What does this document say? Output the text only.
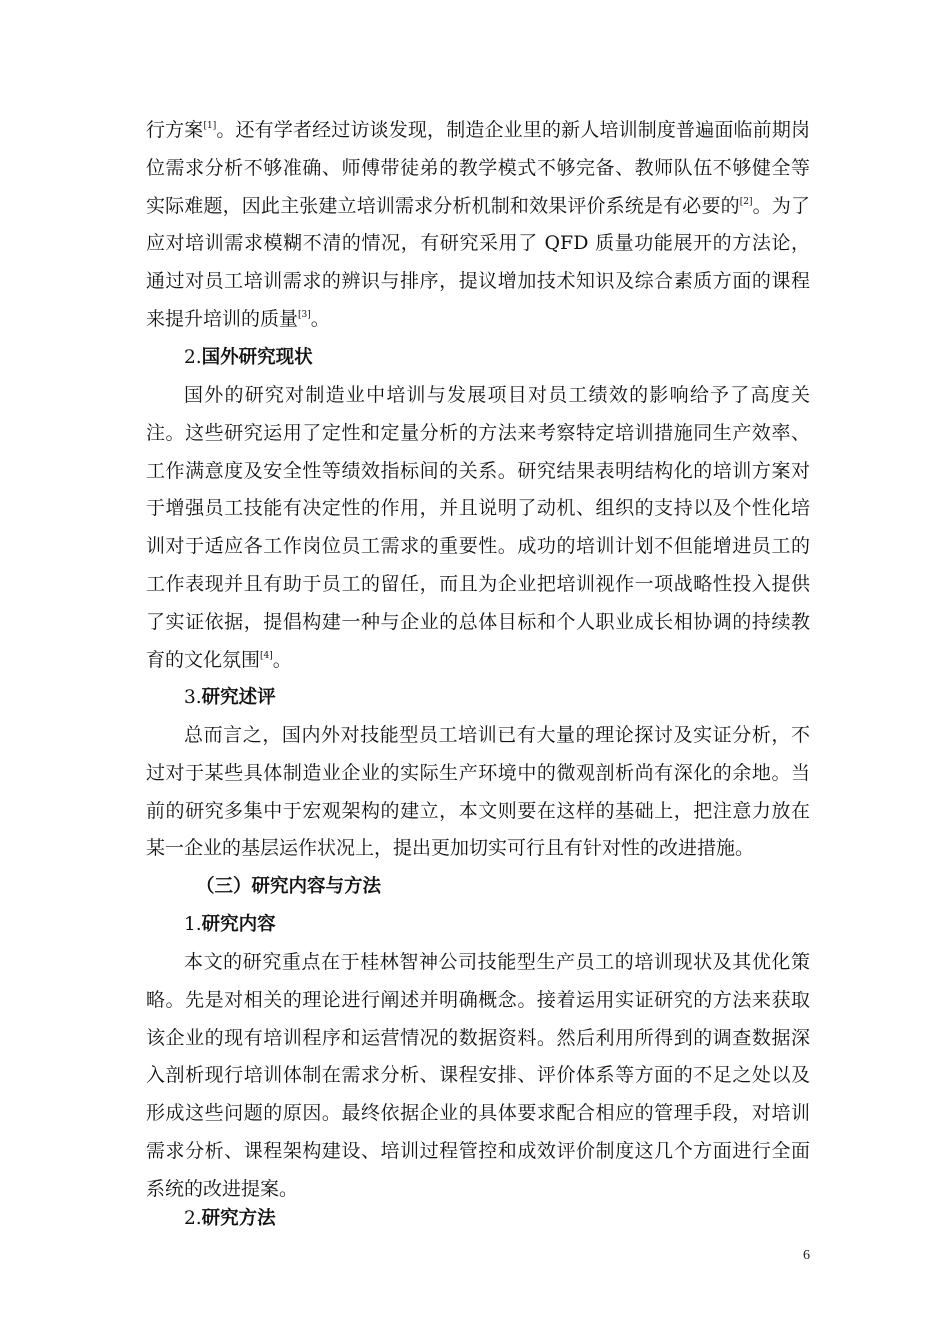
行方案[1]。还有学者经过访谈发现，制造企业里的新人培训制度普遍面临前期岗位需求分析不够准确、师傅带徒弟的教学模式不够完备、教师队伍不够健全等实际难题，因此主张建立培训需求分析机制和效果评价系统是有必要的[2]。为了应对培训需求模糊不清的情况，有研究采用了 QFD 质量功能展开的方法论，通过对员工培训需求的辨识与排序，提议增加技术知识及综合素质方面的课程来提升培训的质量[3]。

2.国外研究现状

国外的研究对制造业中培训与发展项目对员工绩效的影响给予了高度关注。这些研究运用了定性和定量分析的方法来考察特定培训措施同生产效率、工作满意度及安全性等绩效指标间的关系。研究结果表明结构化的培训方案对于增强员工技能有决定性的作用，并且说明了动机、组织的支持以及个性化培训对于适应各工作岗位员工需求的重要性。成功的培训计划不但能增进员工的工作表现并且有助于员工的留任，而且为企业把培训视作一项战略性投入提供了实证依据，提倡构建一种与企业的总体目标和个人职业成长相协调的持续教育的文化氛围[4]。

3.研究述评

总而言之，国内外对技能型员工培训已有大量的理论探讨及实证分析，不过对于某些具体制造业企业的实际生产环境中的微观剖析尚有深化的余地。当前的研究多集中于宏观架构的建立，本文则要在这样的基础上，把注意力放在某一企业的基层运作状况上，提出更加切实可行且有针对性的改进措施。

（三）研究内容与方法

1.研究内容

本文的研究重点在于桂林智神公司技能型生产员工的培训现状及其优化策略。先是对相关的理论进行阐述并明确概念。接着运用实证研究的方法来获取该企业的现有培训程序和运营情况的数据资料。然后利用所得到的调查数据深入剖析现行培训体制在需求分析、课程安排、评价体系等方面的不足之处以及形成这些问题的原因。最终依据企业的具体要求配合相应的管理手段，对培训需求分析、课程架构建设、培训过程管控和成效评价制度这几个方面进行全面系统的改进提案。

2.研究方法

6
